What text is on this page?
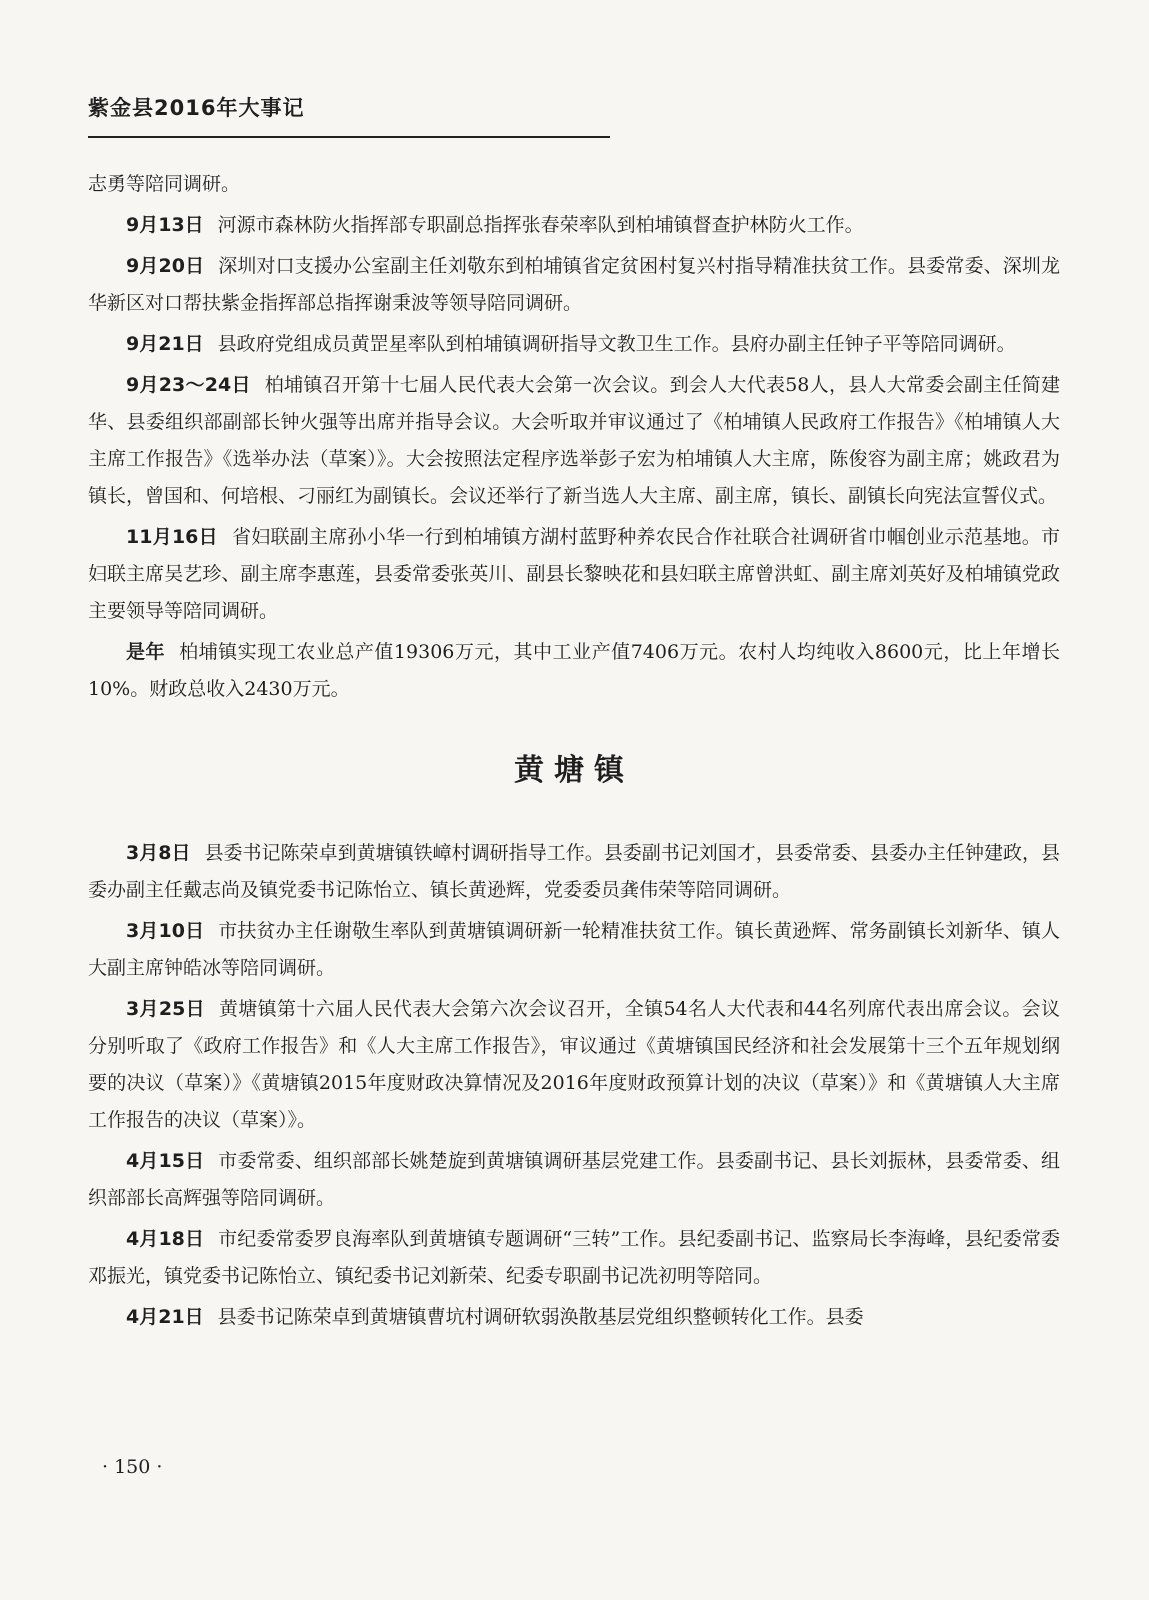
紫金县2016年大事记

志勇等陪同调研。

9月13日 河源市森林防火指挥部专职副总指挥张春荣率队到柏埔镇督查护林防火工作。

9月20日 深圳对口支援办公室副主任刘敬东到柏埔镇省定贫困村复兴村指导精准扶贫工作。县委常委、深圳龙华新区对口帮扶紫金指挥部总指挥谢秉波等领导陪同调研。

9月21日 县政府党组成员黄罡星率队到柏埔镇调研指导文教卫生工作。县府办副主任钟子平等陪同调研。

9月23～24日 柏埔镇召开第十七届人民代表大会第一次会议。到会人大代表58人，县人大常委会副主任简建华、县委组织部副部长钟火强等出席并指导会议。大会听取并审议通过了《柏埔镇人民政府工作报告》《柏埔镇人大主席工作报告》《选举办法（草案）》。大会按照法定程序选举彭子宏为柏埔镇人大主席，陈俊容为副主席；姚政君为镇长，曾国和、何培根、刁丽红为副镇长。会议还举行了新当选人大主席、副主席，镇长、副镇长向宪法宣誓仪式。

11月16日 省妇联副主席孙小华一行到柏埔镇方湖村蓝野种养农民合作社联合社调研省巾帼创业示范基地。市妇联主席吴艺珍、副主席李惠莲，县委常委张英川、副县长黎映花和县妇联主席曾洪虹、副主席刘英好及柏埔镇党政主要领导等陪同调研。

是年 柏埔镇实现工农业总产值19306万元，其中工业产值7406万元。农村人均纯收入8600元，比上年增长10%。财政总收入2430万元。

黄塘镇

3月8日 县委书记陈荣卓到黄塘镇铁嶂村调研指导工作。县委副书记刘国才，县委常委、县委办主任钟建政，县委办副主任戴志尚及镇党委书记陈怡立、镇长黄逊辉，党委委员龚伟荣等陪同调研。

3月10日 市扶贫办主任谢敬生率队到黄塘镇调研新一轮精准扶贫工作。镇长黄逊辉、常务副镇长刘新华、镇人大副主席钟皓冰等陪同调研。

3月25日 黄塘镇第十六届人民代表大会第六次会议召开，全镇54名人大代表和44名列席代表出席会议。会议分别听取了《政府工作报告》和《人大主席工作报告》，审议通过《黄塘镇国民经济和社会发展第十三个五年规划纲要的决议（草案）》《黄塘镇2015年度财政决算情况及2016年度财政预算计划的决议（草案）》和《黄塘镇人大主席工作报告的决议（草案）》。

4月15日 市委常委、组织部部长姚楚旋到黄塘镇调研基层党建工作。县委副书记、县长刘振林，县委常委、组织部部长高辉强等陪同调研。

4月18日 市纪委常委罗良海率队到黄塘镇专题调研“三转”工作。县纪委副书记、监察局长李海峰，县纪委常委邓振光，镇党委书记陈怡立、镇纪委书记刘新荣、纪委专职副书记冼初明等陪同。

4月21日 县委书记陈荣卓到黄塘镇曹坑村调研软弱涣散基层党组织整顿转化工作。县委

· 150 ·
